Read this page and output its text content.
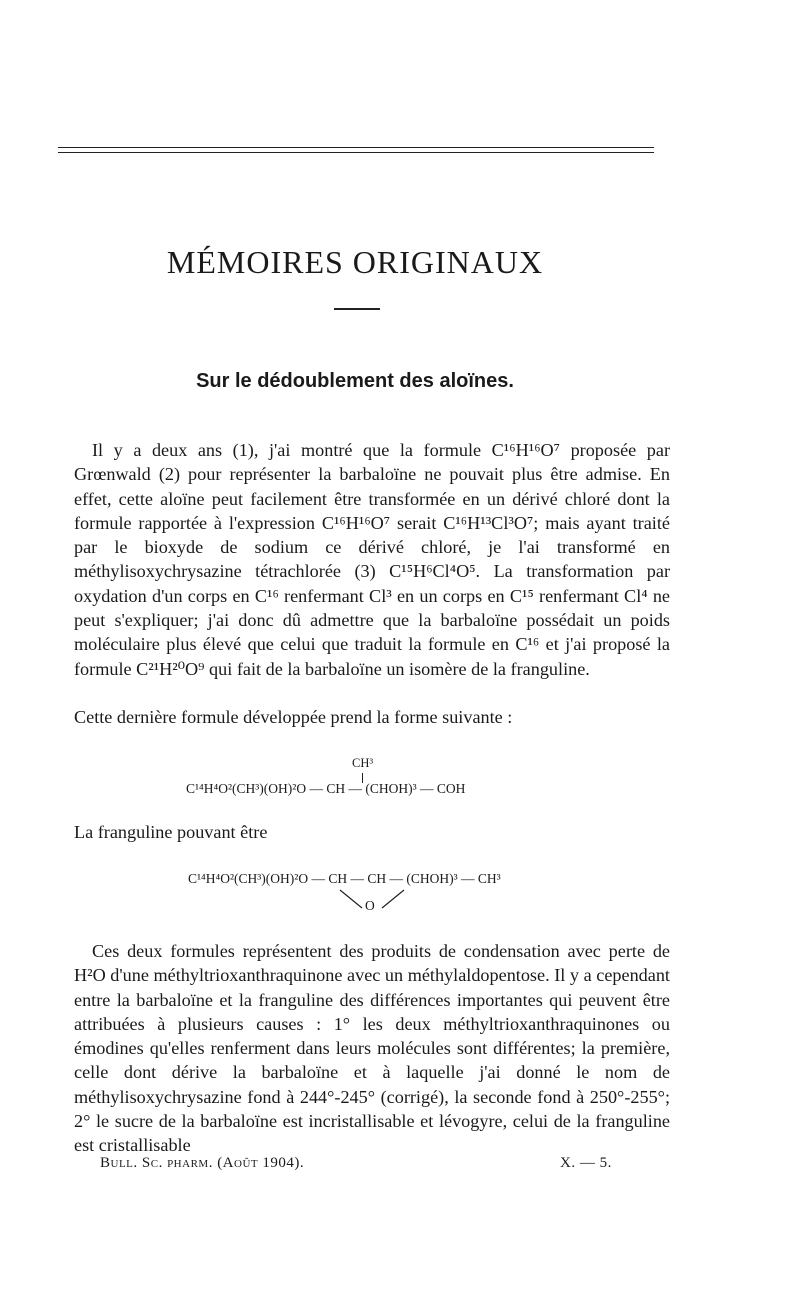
MÉMOIRES ORIGINAUX
Sur le dédoublement des aloïnes.
Il y a deux ans (1), j'ai montré que la formule C¹⁶H¹⁶O⁷ proposée par Grœnwald (2) pour représenter la barbaloïne ne pouvait plus être admise. En effet, cette aloïne peut facilement être transformée en un dérivé chloré dont la formule rapportée à l'expression C¹⁶H¹⁶O⁷ serait C¹⁶H¹³Cl³O⁷; mais ayant traité par le bioxyde de sodium ce dérivé chloré, je l'ai transformé en méthylisoxychrysazine tétrachlorée (3) C¹⁵H⁶Cl⁴O⁵. La transformation par oxydation d'un corps en C¹⁶ renfermant Cl³ en un corps en C¹⁵ renfermant Cl⁴ ne peut s'expliquer; j'ai donc dû admettre que la barbaloïne possédait un poids moléculaire plus élevé que celui que traduit la formule en C¹⁶ et j'ai proposé la formule C²¹H²⁰O⁹ qui fait de la barbaloïne un isomère de la franguline.
Cette dernière formule développée prend la forme suivante :
CH³
C¹⁴H⁴O²(CH³)(OH)²O — CH — (CHOH)³ — COH
La franguline pouvant être
C¹⁴H⁴O²(CH³)(OH)²O — CH — CH — (CHOH)³ — CH³
O
Ces deux formules représentent des produits de condensation avec perte de H²O d'une méthyltrioxanthraquinone avec un méthylaldopentose. Il y a cependant entre la barbaloïne et la franguline des différences importantes qui peuvent être attribuées à plusieurs causes : 1° les deux méthyltrioxanthraquinones ou émodines qu'elles renferment dans leurs molécules sont différentes; la première, celle dont dérive la barbaloïne et à laquelle j'ai donné le nom de méthylisoxychrysazine fond à 244°-245° (corrigé), la seconde fond à 250°-255°; 2° le sucre de la barbaloïne est incristallisable et lévogyre, celui de la franguline est cristallisable
Bull. Sc. pharm. (Août 1904).	X. — 5.
